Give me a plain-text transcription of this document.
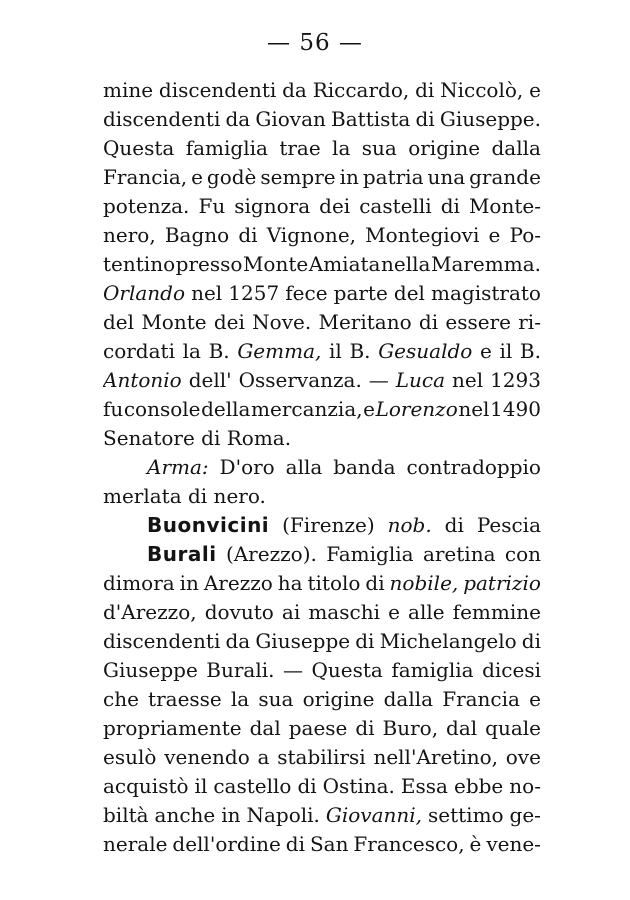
— 56 —
mine discendenti da Riccardo, di Niccolò, e
discendenti da Giovan Battista di Giuseppe.
Questa famiglia trae la sua origine dalla
Francia, e godè sempre in patria una grande
potenza. Fu signora dei castelli di Monte-
nero, Bagno di Vignone, Montegiovi e Po-
tentino presso Monte Amiata nella Maremma.
Orlando nel 1257 fece parte del magistrato
del Monte dei Nove. Meritano di essere ri-
cordati la B. Gemma, il B. Gesualdo e il B.
Antonio dell' Osservanza. — Luca nel 1293
fu console della mercanzia, e Lorenzo nel 1490
Senatore di Roma.
Arma: D'oro alla banda contradoppio
merlata di nero.
Buonvicini (Firenze) nob. di Pescia
Burali (Arezzo). Famiglia aretina con
dimora in Arezzo ha titolo di nobile, patrizio
d'Arezzo, dovuto ai maschi e alle femmine
discendenti da Giuseppe di Michelangelo di
Giuseppe Burali. — Questa famiglia dicesi
che traesse la sua origine dalla Francia e
propriamente dal paese di Buro, dal quale
esulò venendo a stabilirsi nell'Aretino, ove
acquistò il castello di Ostina. Essa ebbe no-
biltà anche in Napoli. Giovanni, settimo ge-
nerale dell'ordine di San Francesco, è vene-
